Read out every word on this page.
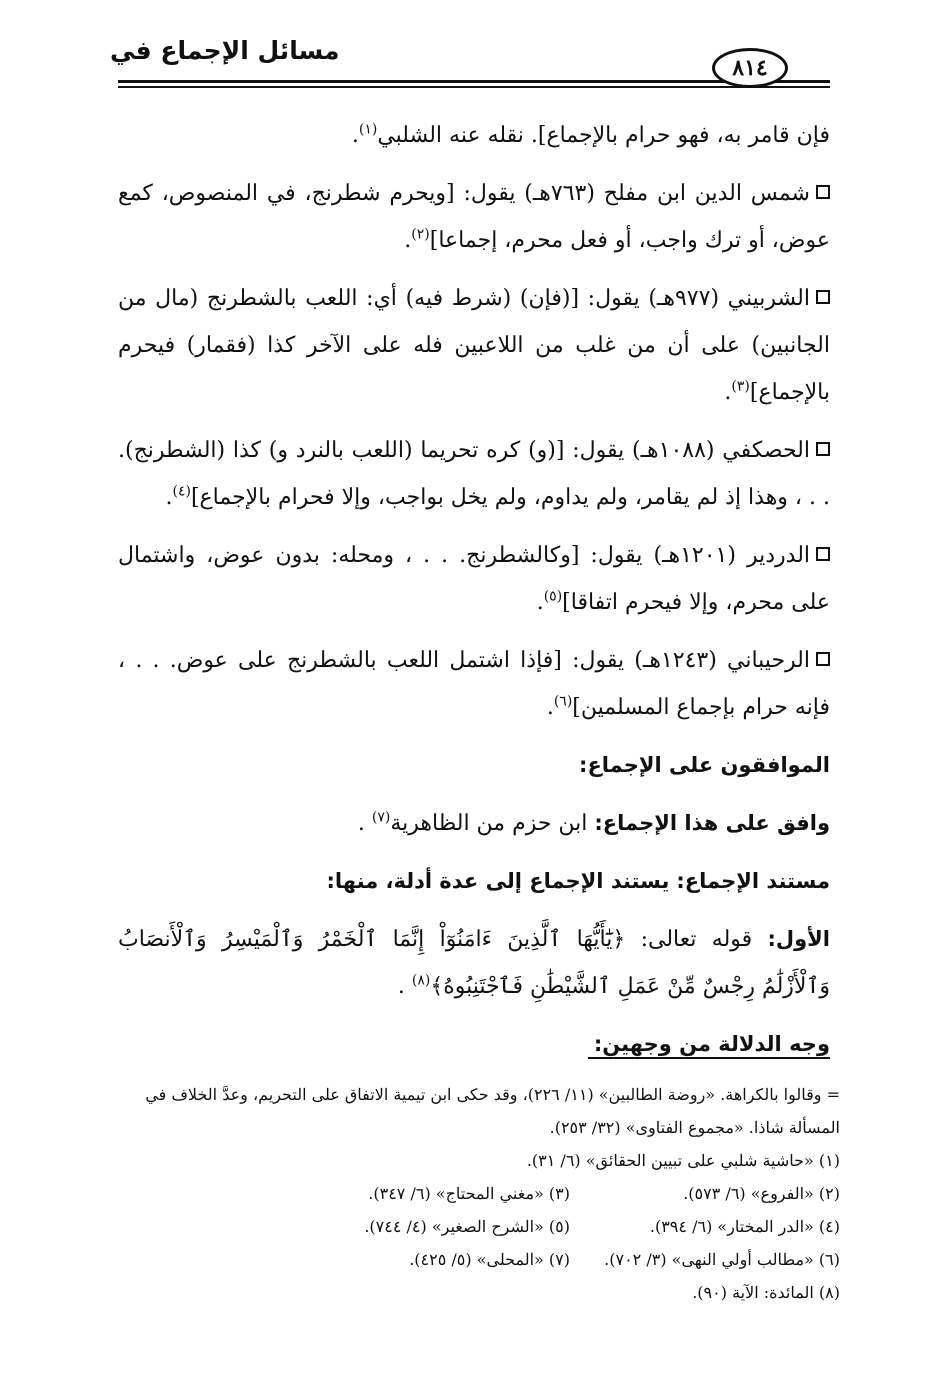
مسائل الإجماع في
٨١٤

فإن قامر به، فهو حرام بالإجماع]. نقله عنه الشلبي$^{(١)}$.

شمس الدين ابن مفلح (٧٦٣هـ) يقول: [ويحرم شطرنج، في المنصوص، كمع عوض، أو ترك واجب، أو فعل محرم، إجماعا]$^{(٢)}$.

الشربيني (٩٧٧هـ) يقول: [(فإن) (شرط فيه) أي: اللعب بالشطرنج (مال من الجانبين) على أن من غلب من اللاعبين فله على الآخر كذا (فقمار) فيحرم بالإجماع]$^{(٣)}$.

الحصكفي (١٠٨٨هـ) يقول: [(و) كره تحريما (اللعب بالنرد و) كذا (الشطرنج). . . ، وهذا إذ لم يقامر، ولم يداوم، ولم يخل بواجب، وإلا فحرام بالإجماع]$^{(٤)}$.

الدردير (١٢٠١هـ) يقول: [وكالشطرنج. . . ، ومحله: بدون عوض، واشتمال على محرم، وإلا فيحرم اتفاقا]$^{(٥)}$.

الرحيباني (١٢٤٣هـ) يقول: [فإذا اشتمل اللعب بالشطرنج على عوض. . . ، فإنه حرام بإجماع المسلمين]$^{(٦)}$.

الموافقون على الإجماع:

وافق على هذا الإجماع: ابن حزم من الظاهرية$^{(٧)}$ .

مستند الإجماع: يستند الإجماع إلى عدة أدلة، منها:

الأول: قوله تعالى: ﴿يَٰٓأَيُّهَا ٱلَّذِينَ ءَامَنُوٓاْ إِنَّمَا ٱلْخَمْرُ وَٱلْمَيْسِرُ وَٱلْأَنصَابُ وَٱلْأَزْلَٰمُ رِجْسٌ مِّنْ عَمَلِ ٱلشَّيْطَٰنِ فَٱجْتَنِبُوهُ﴾$^{(٨)}$ .

وجه الدلالة من وجهين:

= وقالوا بالكراهة. «روضة الطالبين» (١١/ ٢٢٦)، وقد حكى ابن تيمية الاتفاق على التحريم، وعدَّ الخلاف في المسألة شاذا. «مجموع الفتاوى» (٣٢/ ٢٥٣).

(١) «حاشية شلبي على تبيين الحقائق» (٦/ ٣١).

(٢) «الفروع» (٦/ ٥٧٣).
(٣) «مغني المحتاج» (٦/ ٣٤٧).
(٤) «الدر المختار» (٦/ ٣٩٤).
(٥) «الشرح الصغير» (٤/ ٧٤٤).
(٦) «مطالب أولي النهى» (٣/ ٧٠٢).
(٧) «المحلى» (٥/ ٤٢٥).

(٨) المائدة: الآية (٩٠).
